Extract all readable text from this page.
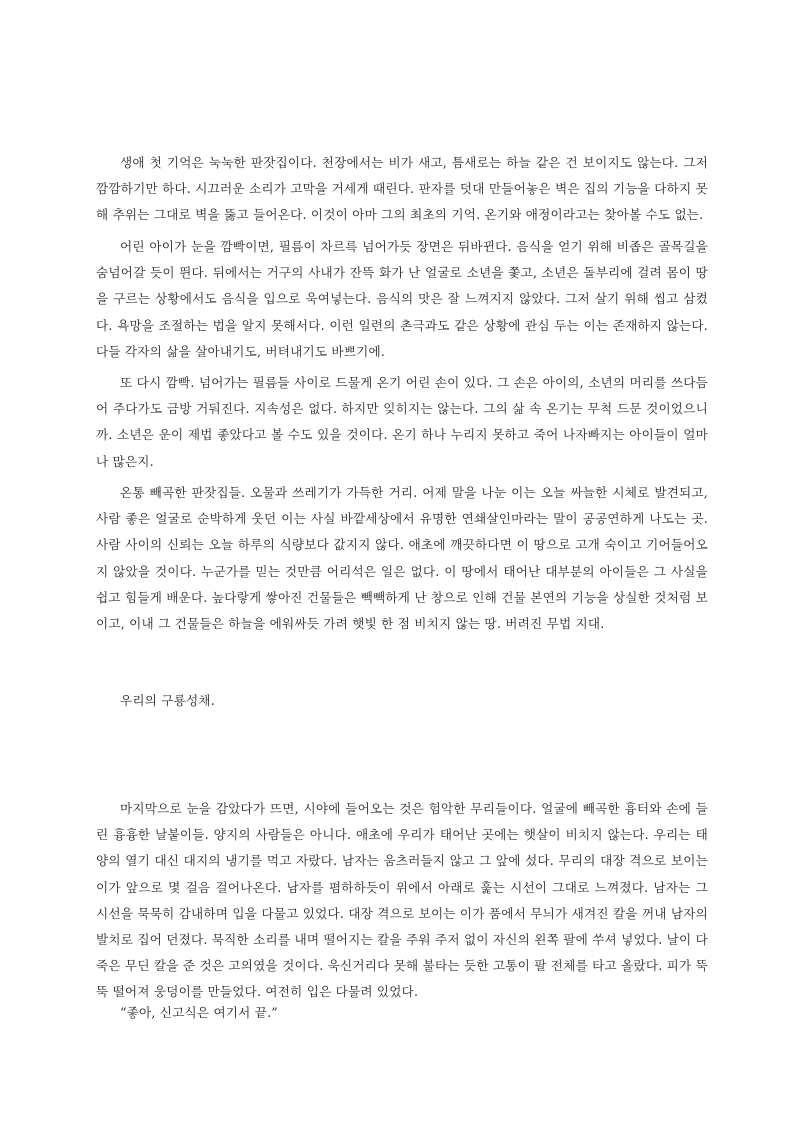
생애 첫 기억은 눅눅한 판잣집이다. 천장에서는 비가 새고, 틈새로는 하늘 같은 건 보이지도 않는다. 그저 깜깜하기만 하다. 시끄러운 소리가 고막을 거세게 때린다. 판자를 덧대 만들어놓은 벽은 집의 기능을 다하지 못해 추위는 그대로 벽을 뚫고 들어온다. 이것이 아마 그의 최초의 기억. 온기와 애정이라고는 찾아볼 수도 없는.

어린 아이가 눈을 깜빡이면, 필름이 차르륵 넘어가듯 장면은 뒤바뀐다. 음식을 얻기 위해 비좁은 골목길을 숨넘어갈 듯이 뛴다. 뒤에서는 거구의 사내가 잔뜩 화가 난 얼굴로 소년을 쫓고, 소년은 돌부리에 걸려 몸이 땅을 구르는 상황에서도 음식을 입으로 욱여넣는다. 음식의 맛은 잘 느껴지지 않았다. 그저 살기 위해 씹고 삼켰다. 욕망을 조절하는 법을 알지 못해서다. 이런 일련의 촌극과도 같은 상황에 관심 두는 이는 존재하지 않는다. 다들 각자의 삶을 살아내기도, 버텨내기도 바쁘기에.

또 다시 깜빡. 넘어가는 필름들 사이로 드물게 온기 어린 손이 있다. 그 손은 아이의, 소년의 머리를 쓰다듬어 주다가도 금방 거둬진다. 지속성은 없다. 하지만 잊히지는 않는다. 그의 삶 속 온기는 무척 드문 것이었으니까. 소년은 운이 제법 좋았다고 볼 수도 있을 것이다. 온기 하나 누리지 못하고 죽어 나자빠지는 아이들이 얼마나 많은지.

온통 빼곡한 판잣집들. 오물과 쓰레기가 가득한 거리. 어제 말을 나눈 이는 오늘 싸늘한 시체로 발견되고, 사람 좋은 얼굴로 순박하게 웃던 이는 사실 바깥세상에서 유명한 연쇄살인마라는 말이 공공연하게 나도는 곳. 사람 사이의 신뢰는 오늘 하루의 식량보다 값지지 않다. 애초에 깨끗하다면 이 땅으로 고개 숙이고 기어들어오지 않았을 것이다. 누군가를 믿는 것만큼 어리석은 일은 없다. 이 땅에서 태어난 대부분의 아이들은 그 사실을 쉽고 힘들게 배운다. 높다랗게 쌓아진 건물들은 빽빽하게 난 창으로 인해 건물 본연의 기능을 상실한 것처럼 보이고, 이내 그 건물들은 하늘을 에워싸듯 가려 햇빛 한 점 비치지 않는 땅. 버려진 무법 지대.

우리의 구룡성채.

마지막으로 눈을 감았다가 뜨면, 시야에 들어오는 것은 험악한 무리들이다. 얼굴에 빼곡한 흉터와 손에 들린 흉흉한 날붙이들. 양지의 사람들은 아니다. 애초에 우리가 태어난 곳에는 햇살이 비치지 않는다. 우리는 태양의 열기 대신 대지의 냉기를 먹고 자랐다. 남자는 움츠러들지 않고 그 앞에 섰다. 무리의 대장 격으로 보이는 이가 앞으로 몇 걸음 걸어나온다. 남자를 폄하하듯이 위에서 아래로 훑는 시선이 그대로 느껴졌다. 남자는 그 시선을 묵묵히 감내하며 입을 다물고 있었다. 대장 격으로 보이는 이가 품에서 무늬가 새겨진 칼을 꺼내 남자의 발치로 집어 던졌다. 묵직한 소리를 내며 떨어지는 칼을 주워 주저 없이 자신의 왼쪽 팔에 쑤셔 넣었다. 날이 다 죽은 무딘 칼을 준 것은 고의였을 것이다. 욱신거리다 못해 불타는 듯한 고통이 팔 전체를 타고 올랐다. 피가 뚝뚝 떨어져 웅덩이를 만들었다. 여전히 입은 다물려 있었다.

“좋아, 신고식은 여기서 끝.”
